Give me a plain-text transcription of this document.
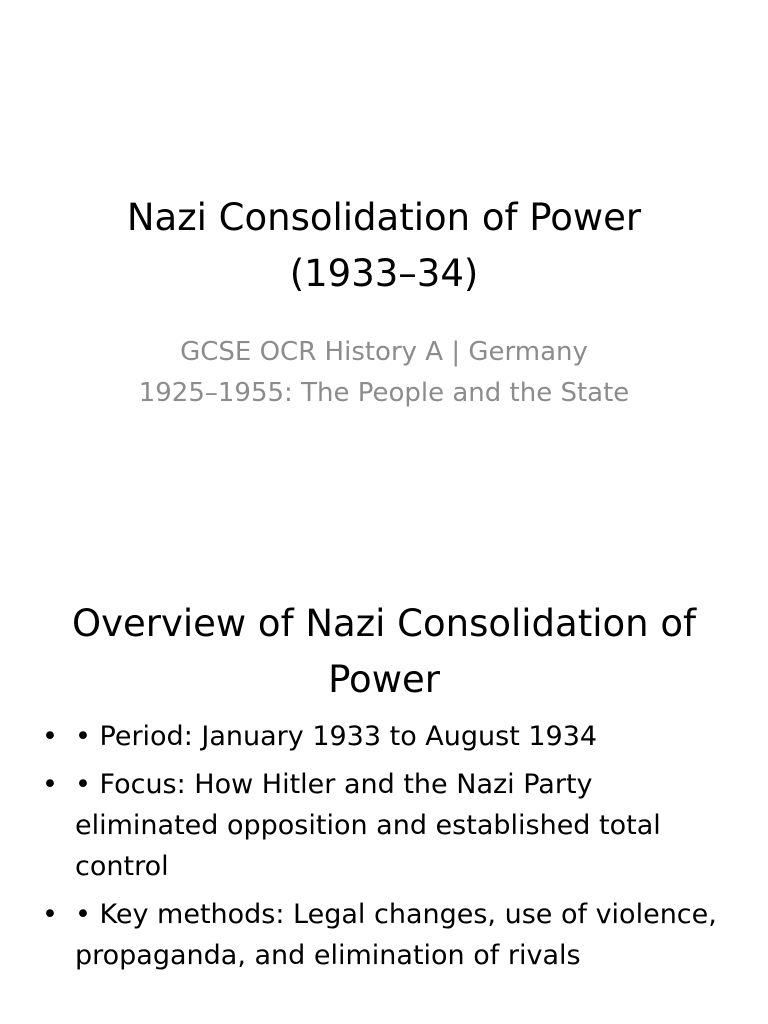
Nazi Consolidation of Power
(1933–34)

GCSE OCR History A | Germany
1925–1955: The People and the State

Overview of Nazi Consolidation of
Power
• • Period: January 1933 to August 1934
• • Focus: How Hitler and the Nazi Party eliminated opposition and established total control
• • Key methods: Legal changes, use of violence, propaganda, and elimination of rivals
